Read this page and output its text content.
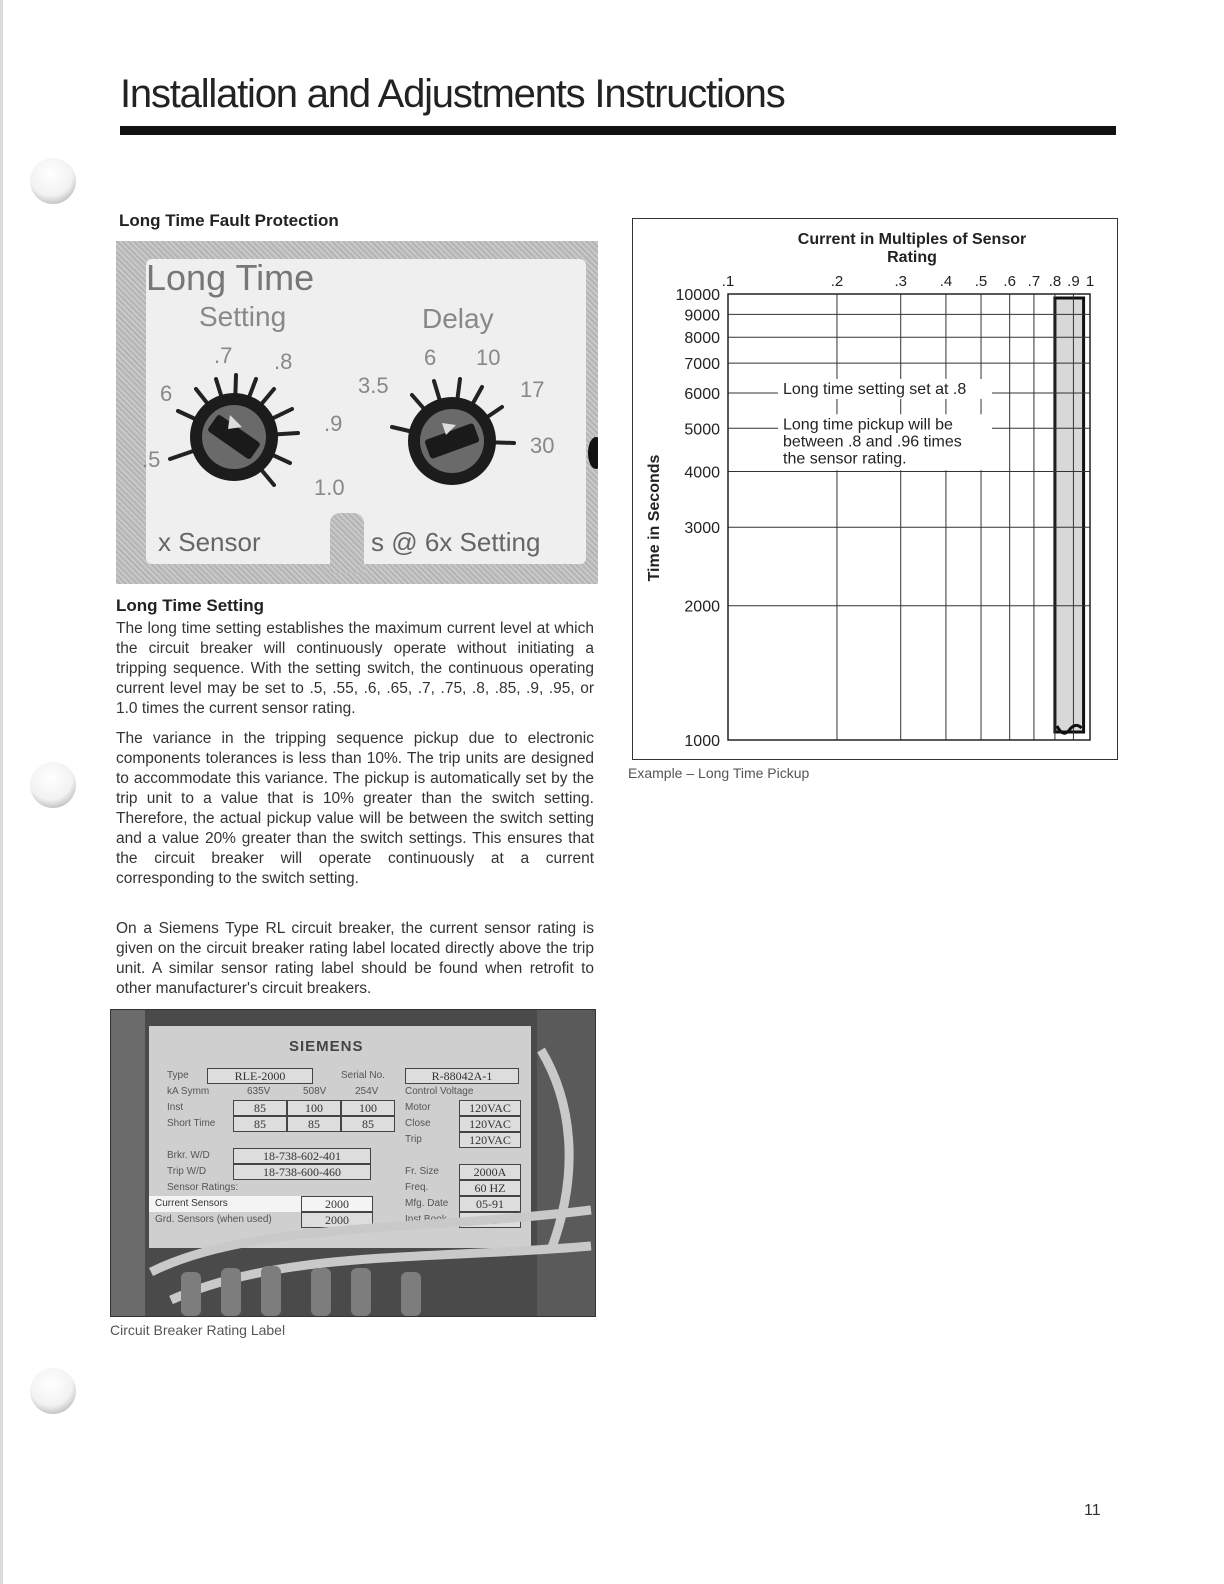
Installation and Adjustments Instructions
Long Time Fault Protection
Long Time
Setting	Delay
.5
6
.7 .8
.9
1.0
3.5
6 10
17
30
x Sensor	s @ 6x Setting
Long Time Setting

The long time setting establishes the maximum current level at which the circuit breaker will continuously operate without initiating a tripping sequence. With the setting switch, the continuous operating current level may be set to .5, .55, .6, .65, .7, .75, .8, .85, .9, .95, or 1.0 times the current sensor rating.

The variance in the tripping sequence pickup due to electronic components tolerances is less than 10%. The trip units are designed to accommodate this variance. The pickup is automatically set by the trip unit to a value that is 10% greater than the switch setting. Therefore, the actual pickup value will be between the switch setting and a value 20% greater than the switch settings. This ensures that the circuit breaker will operate continuously at a current corresponding to the switch setting.

On a Siemens Type RL circuit breaker, the current sensor rating is given on the circuit breaker rating label located directly above the trip unit. A similar sensor rating label should be found when retrofit to other manufacturer's circuit breakers.

SIEMENS
Type	RLE-2000	Serial No.	R-88042A-1
kA Symm	635V	508V	254V	Control Voltage
Inst	85	100	100	Motor	120VAC
Short Time	85	85	85	Close	120VAC
Trip	120VAC
Brkr. W/D	18-738-602-401
Trip W/D	18-738-600-460	Fr. Size	2000A
Sensor Ratings:	Freq.	60 HZ
Current Sensors	2000	Mfg. Date	05-91
Grd. Sensors (when used)	2000	Inst Book	SG
Circuit Breaker Rating Label
Current in Multiples of Sensor Rating
Time in Seconds
1000
2000
3000
4000
5000
6000
7000
8000
9000
10000
.1	.2	.3 .4 .5 .6 .7 .8 .9 1
Long time setting set at .8
Long time pickup will be
between .8 and .96 times
the sensor rating.
Example – Long Time Pickup
11
